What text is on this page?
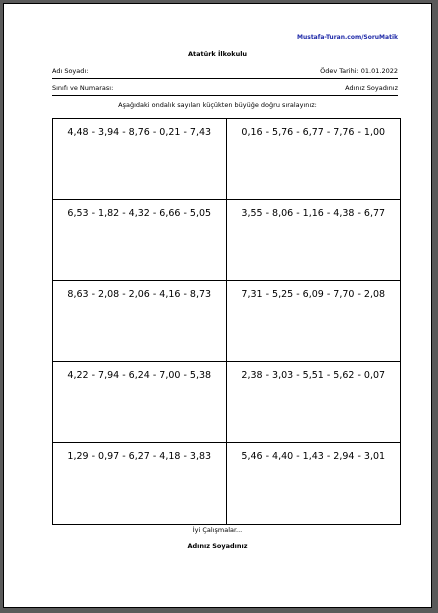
Mustafa-Turan.com/SoruMatik
Atatürk İlkokulu
Adı Soyadı:	Ödev Tarihi: 01.01.2022
Sınıfı ve Numarası:	Adınız Soyadınız
Aşağıdaki ondalık sayıları küçükten büyüğe doğru sıralayınız:
4,48 - 3,94 - 8,76 - 0,21 - 7,43	0,16 - 5,76 - 6,77 - 7,76 - 1,00
6,53 - 1,82 - 4,32 - 6,66 - 5,05	3,55 - 8,06 - 1,16 - 4,38 - 6,77
8,63 - 2,08 - 2,06 - 4,16 - 8,73	7,31 - 5,25 - 6,09 - 7,70 - 2,08
4,22 - 7,94 - 6,24 - 7,00 - 5,38	2,38 - 3,03 - 5,51 - 5,62 - 0,07
1,29 - 0,97 - 6,27 - 4,18 - 3,83	5,46 - 4,40 - 1,43 - 2,94 - 3,01
İyi Çalışmalar...
Adınız Soyadınız
